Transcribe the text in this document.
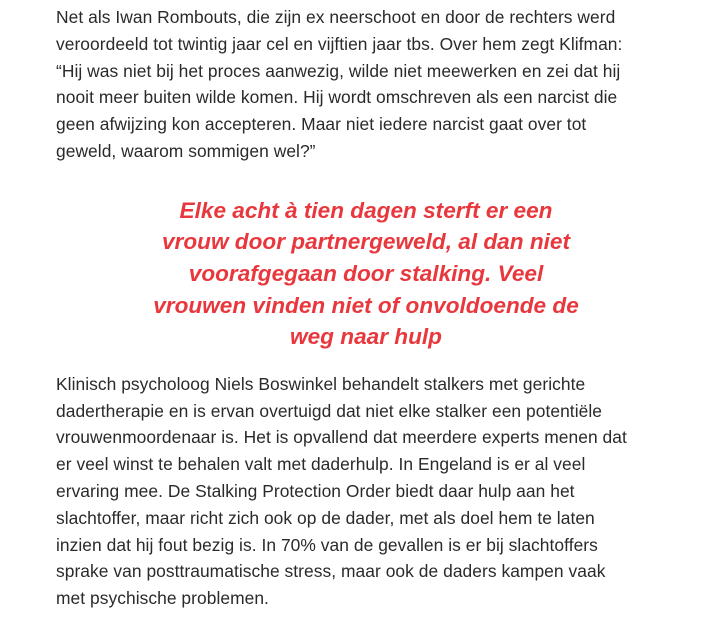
Net als Iwan Rombouts, die zijn ex neerschoot en door de rechters werd
veroordeeld tot twintig jaar cel en vijftien jaar tbs. Over hem zegt Klifman:
“Hij was niet bij het proces aanwezig, wilde niet meewerken en zei dat hij
nooit meer buiten wilde komen. Hij wordt omschreven als een narcist die
geen afwijzing kon accepteren. Maar niet iedere narcist gaat over tot
geweld, waarom sommigen wel?”

Elke acht à tien dagen sterft er een
vrouw door partnergeweld, al dan niet
voorafgegaan door stalking. Veel
vrouwen vinden niet of onvoldoende de
weg naar hulp

Klinisch psycholoog Niels Boswinkel behandelt stalkers met gerichte
dadertherapie en is ervan overtuigd dat niet elke stalker een potentiële
vrouwenmoordenaar is. Het is opvallend dat meerdere experts menen dat
er veel winst te behalen valt met daderhulp. In Engeland is er al veel
ervaring mee. De Stalking Protection Order biedt daar hulp aan het
slachtoffer, maar richt zich ook op de dader, met als doel hem te laten
inzien dat hij fout bezig is. In 70% van de gevallen is er bij slachtoffers
sprake van posttraumatische stress, maar ook de daders kampen vaak
met psychische problemen.
